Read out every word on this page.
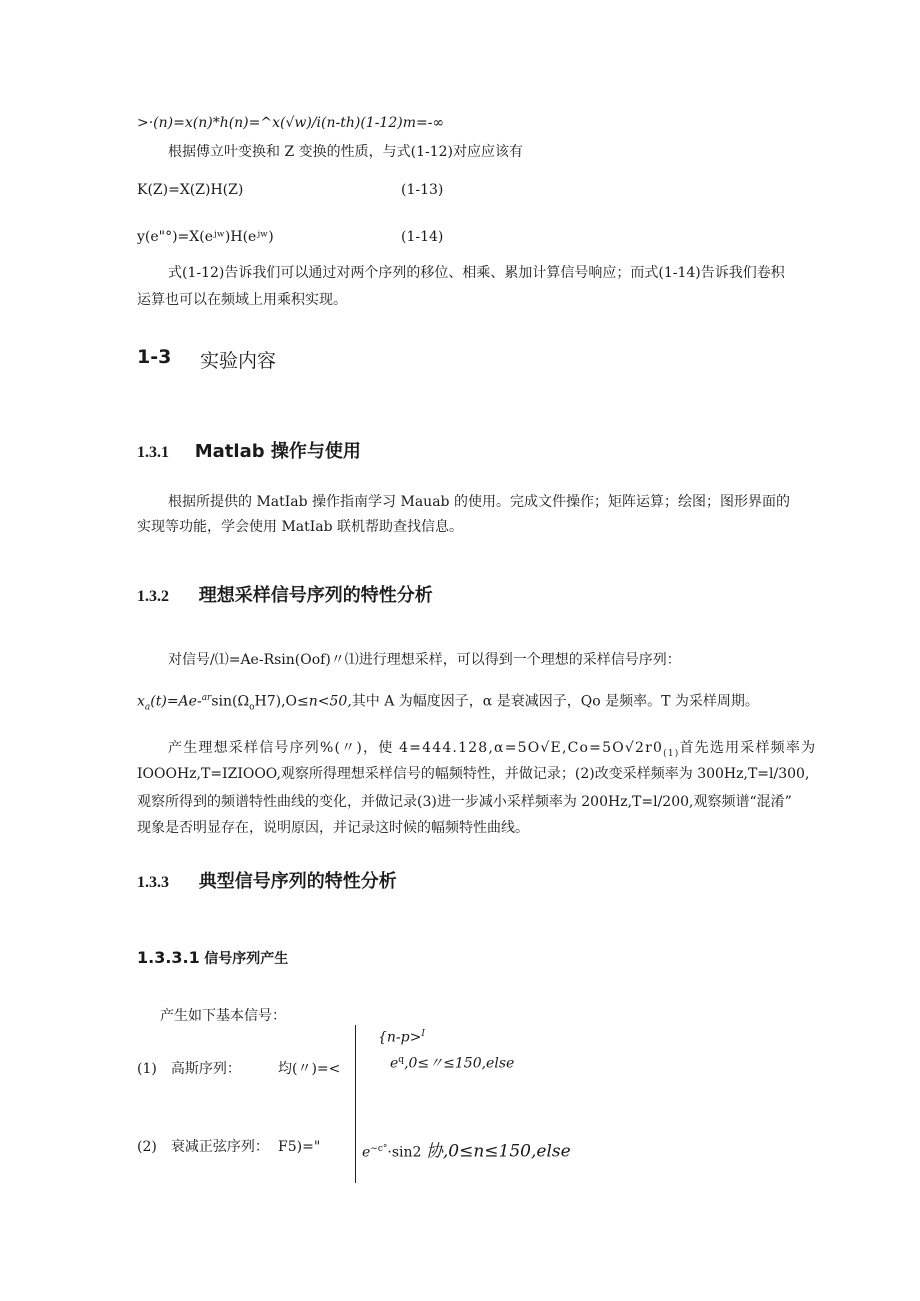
>·(n)=x(n)*h(n)=^x(√w)/i(n-th)(1-12)m=-∞
根据傅立叶变换和 Z 变换的性质，与式(1-12)对应应该有
K(Z)=X(Z)H(Z)	(1-13)
y(e"°)=X(eʲʷ)H(eʲʷ)	(1-14)
式(1-12)告诉我们可以通过对两个序列的移位、相乘、累加计算信号响应；而式(1-14)告诉我们卷积
运算也可以在频域上用乘积实现。
1-3 实验内容
1.3.1 Matlab 操作与使用
根据所提供的 MatIab 操作指南学习 Mauab 的使用。完成文件操作；矩阵运算；绘图；图形界面的
实现等功能，学会使用 MatIab 联机帮助查找信息。
1.3.2 理想采样信号序列的特性分析
对信号/⑴=Ae-Rsin(Oof)〃⑴进行理想采样，可以得到一个理想的采样信号序列：
$x_a(t)=Ae-^{ar}\sin(\Omega_oH7),O\le n<50$,其中 A 为幅度因子，α 是衰减因子，Qo 是频率。T 为采样周期。
产生理想采样信号序列%(〃)，使 $4=444.128,\alpha=5O√E,Co=5O√2r0_{(1)}$首先选用采样频率为
IOOOHz,T=IZIOOO,观察所得理想采样信号的幅频特性，并做记录；(2)改变采样频率为 300Hz,T=l/300,
观察所得到的频谱特性曲线的变化，并做记录(3)进一步减小采样频率为 200Hz,T=l/200,观察频谱“混淆”
现象是否明显存在，说明原因，并记录这时候的幅频特性曲线。
1.3.3 典型信号序列的特性分析
1.3.3.1 信号序列产生
产生如下基本信号：
{n-p>$^I$
(1)　高斯序列：	均(〃)=<	$e^q,0\le$〃≤150,else
(2)　衰减正弦序列： F5)="	$e^{\sim c^\circ}\cdot\sin 2$ 协,0≤n≤150,else
